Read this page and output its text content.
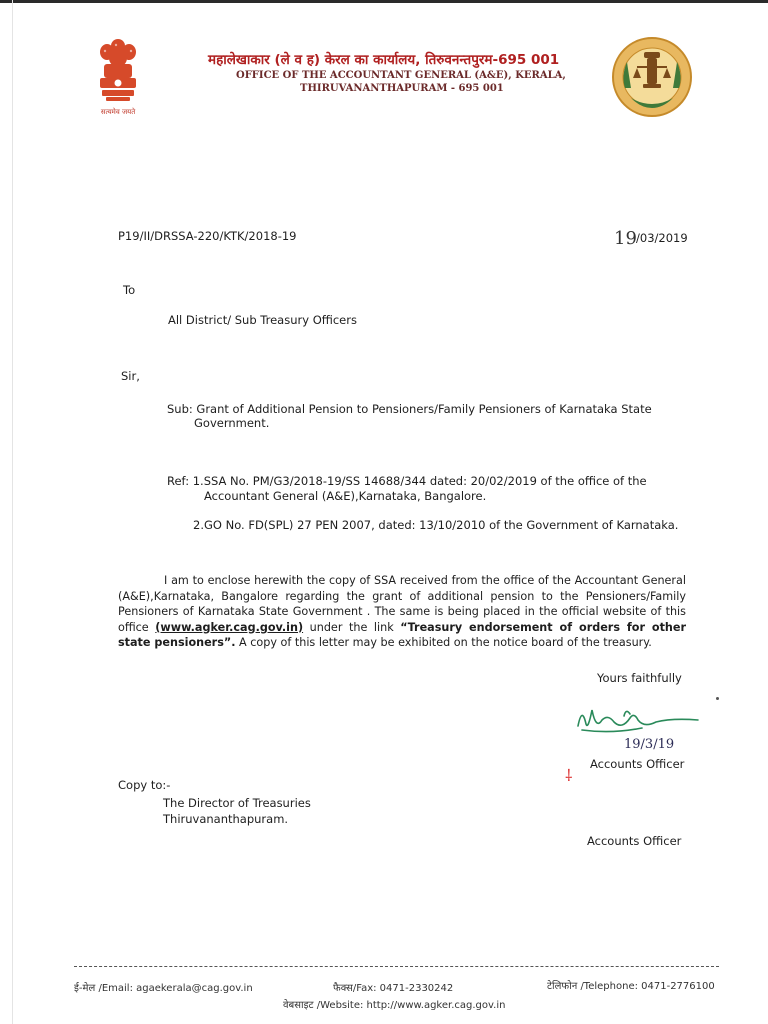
सत्यमेव जयते
महालेखाकार (ले व ह) केरल का कार्यालय, तिरुवनन्तपुरम-695 001
OFFICE OF THE ACCOUNTANT GENERAL (A&E), KERALA,
THIRUVANANTHAPURAM - 695 001
P19/II/DRSSA-220/KTK/2018-19	19 /03/2019
To
All District/ Sub Treasury Officers
Sir,
Sub: Grant of Additional Pension to Pensioners/Family Pensioners of Karnataka State
Government.
Ref: 1.SSA No. PM/G3/2018-19/SS 14688/344 dated: 20/02/2019 of the office of the
Accountant General (A&E),Karnataka, Bangalore.
2.GO No. FD(SPL) 27 PEN 2007, dated: 13/10/2010 of the Government of Karnataka.
I am to enclose herewith the copy of SSA received from the office of the Accountant General (A&E),Karnataka, Bangalore regarding the grant of additional pension to the Pensioners/Family Pensioners of Karnataka State Government . The same is being placed in the official website of this office (www.agker.cag.gov.in) under the link “Treasury endorsement of orders for other state pensioners”. A copy of this letter may be exhibited on the notice board of the treasury.
Yours faithfully
19/3/19
⸸
Accounts Officer
Copy to:-
The Director of Treasuries
Thiruvananthapuram.
Accounts Officer
ई-मेल /Email: agaekerala@cag.gov.in	फैक्स/Fax: 0471-2330242	टेलिफोन /Telephone: 0471-2776100
वेबसाइट /Website: http://www.agker.cag.gov.in
